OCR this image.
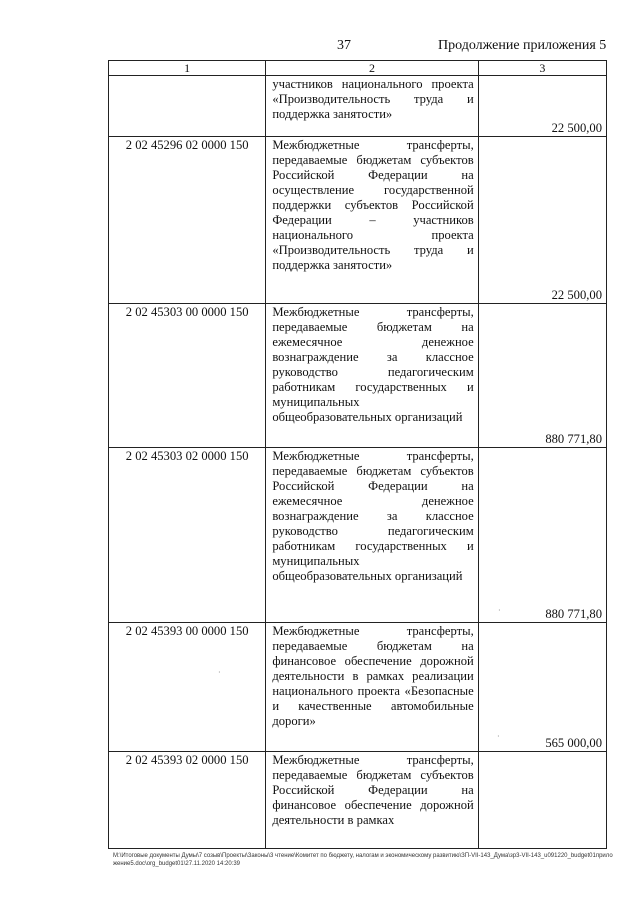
37	Продолжение приложения 5
1	2	3
	участников национального проекта «Производительность труда и поддержка занятости»	22 500,00
2 02 45296 02 0000 150	Межбюджетные трансферты, передаваемые бюджетам субъектов Российской Федерации на осуществление государственной поддержки субъектов Российской Федерации – участников национального проекта «Производительность труда и поддержка занятости»	22 500,00
2 02 45303 00 0000 150	Межбюджетные трансферты, передаваемые бюджетам на ежемесячное денежное вознаграждение за классное руководство педагогическим работникам государственных и муниципальных общеобразовательных организаций	880 771,80
2 02 45303 02 0000 150	Межбюджетные трансферты, передаваемые бюджетам субъектов Российской Федерации на ежемесячное денежное вознаграждение за классное руководство педагогическим работникам государственных и муниципальных общеобразовательных организаций	880 771,80
2 02 45393 00 0000 150	Межбюджетные трансферты, передаваемые бюджетам на финансовое обеспечение дорожной деятельности в рамках реализации национального проекта «Безопасные и качественные автомобильные дороги»	565 000,00
2 02 45393 02 0000 150	Межбюджетные трансферты, передаваемые бюджетам субъектов Российской Федерации на финансовое обеспечение дорожной деятельности в рамках	
·
·
·
M:\Итоговые документы Думы\7 созыв\Проекты\Законы\3 чтение\Комитет по бюджету, налогам и экономическому развитию\ЗП-VII-143_Дума\зр3-VII-143_u091220_budget01приложение5.doc\org_budget01\27.11.2020 14:20:39
